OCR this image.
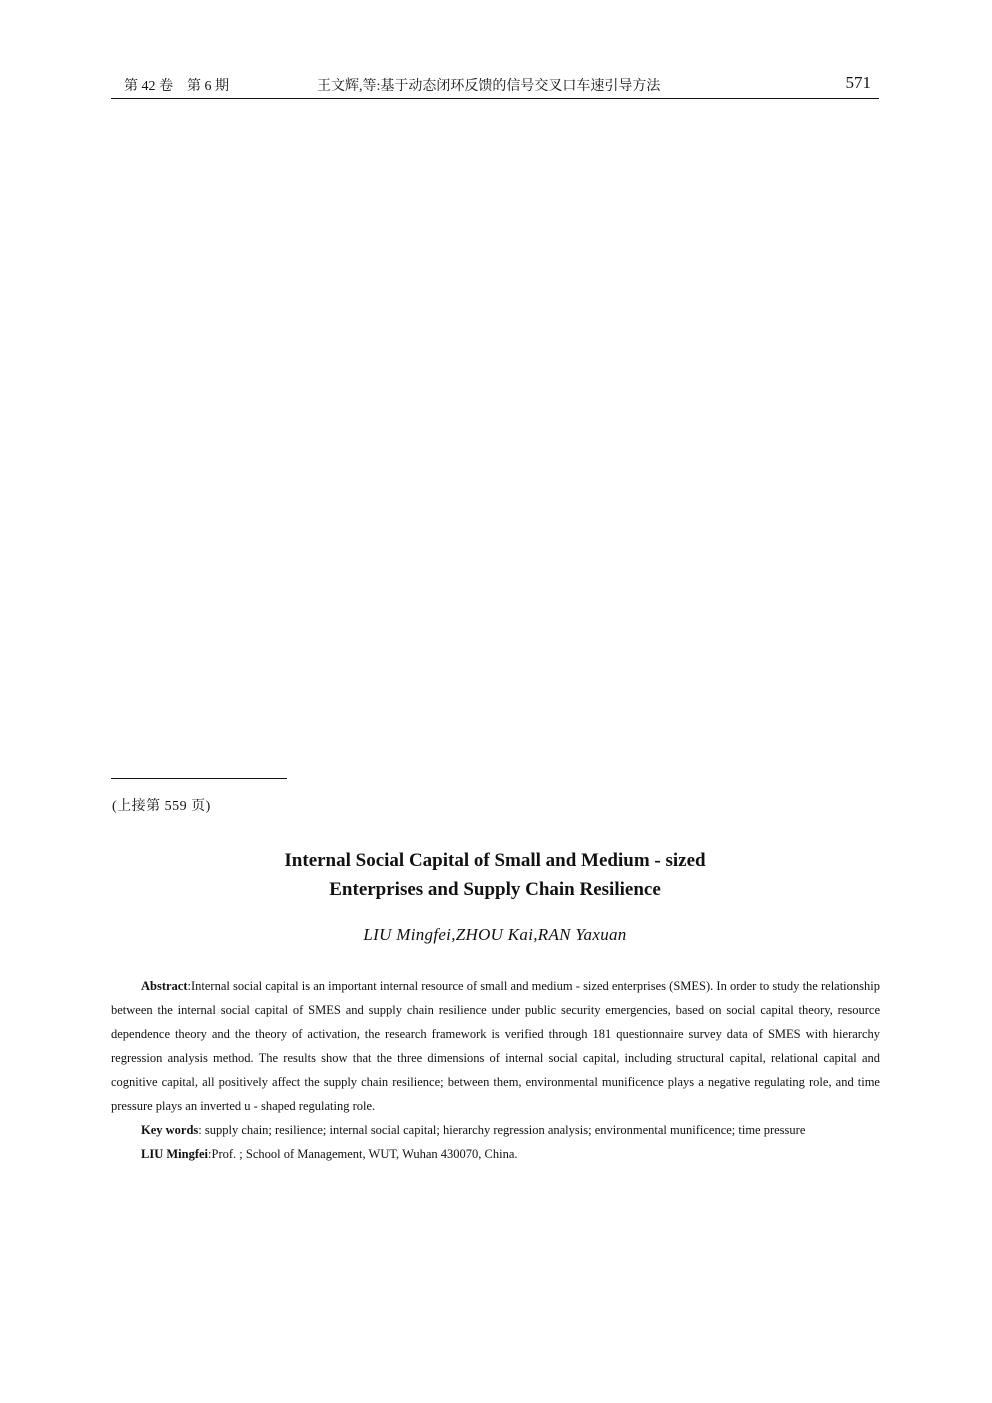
第 42 卷 第 6 期	王文辉,等:基于动态闭环反馈的信号交叉口车速引导方法	571
(上接第 559 页)
Internal Social Capital of Small and Medium - sized
Enterprises and Supply Chain Resilience
LIU Mingfei,ZHOU Kai,RAN Yaxuan

Abstract:Internal social capital is an important internal resource of small and medium - sized enterprises (SMES). In order to study the relationship between the internal social capital of SMES and supply chain resilience under public security emergencies, based on social capital theory, resource dependence theory and the theory of activation, the research framework is verified through 181 questionnaire survey data of SMES with hierarchy regression analysis method. The results show that the three dimensions of internal social capital, including structural capital, relational capital and cognitive capital, all positively affect the supply chain resilience; between them, environmental munificence plays a negative regulating role, and time pressure plays an inverted u - shaped regulating role.

Key words: supply chain; resilience; internal social capital; hierarchy regression analysis; environmental munificence; time pressure

LIU Mingfei:Prof. ; School of Management, WUT, Wuhan 430070, China.
